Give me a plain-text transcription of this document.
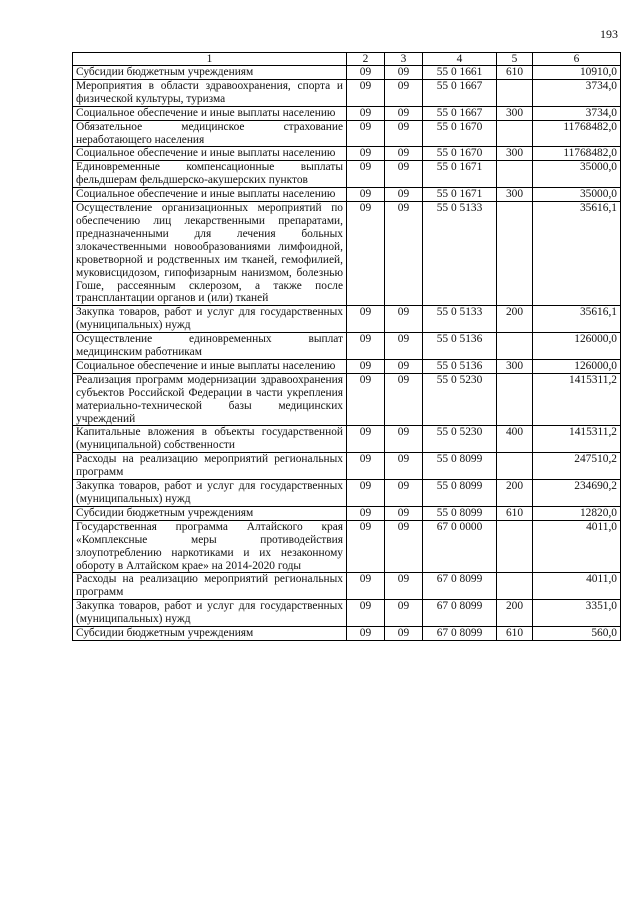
193
1	2	3	4	5	6
Субсидии бюджетным учреждениям	09	09	55 0 1661	610	10910,0
Мероприятия в области здравоохранения, спорта и физической культуры, туризма	09	09	55 0 1667		3734,0
Социальное обеспечение и иные выплаты населению	09	09	55 0 1667	300	3734,0
Обязательное медицинское страхование неработающего населения	09	09	55 0 1670		11768482,0
Социальное обеспечение и иные выплаты населению	09	09	55 0 1670	300	11768482,0
Единовременные компенсационные выплаты фельдшерам фельдшерско-акушерских пунктов	09	09	55 0 1671		35000,0
Социальное обеспечение и иные выплаты населению	09	09	55 0 1671	300	35000,0
Осуществление организационных мероприятий по обеспечению лиц лекарственными препаратами, предназначенными для лечения больных злокачественными новообразованиями лимфоидной, кроветворной и родственных им тканей, гемофилией, муковисцидозом, гипофизарным нанизмом, болезнью Гоше, рассеянным склерозом, а также после трансплантации органов и (или) тканей	09	09	55 0 5133		35616,1
Закупка товаров, работ и услуг для государственных (муниципальных) нужд	09	09	55 0 5133	200	35616,1
Осуществление единовременных выплат медицинским работникам	09	09	55 0 5136		126000,0
Социальное обеспечение и иные выплаты населению	09	09	55 0 5136	300	126000,0
Реализация программ модернизации здравоохранения субъектов Российской Федерации в части укрепления материально-технической базы медицинских учреждений	09	09	55 0 5230		1415311,2
Капитальные вложения в объекты государственной (муниципальной) собственности	09	09	55 0 5230	400	1415311,2
Расходы на реализацию мероприятий региональных программ	09	09	55 0 8099		247510,2
Закупка товаров, работ и услуг для государственных (муниципальных) нужд	09	09	55 0 8099	200	234690,2
Субсидии бюджетным учреждениям	09	09	55 0 8099	610	12820,0
Государственная программа Алтайского края «Комплексные меры противодействия злоупотреблению наркотиками и их незаконному обороту в Алтайском крае» на 2014-2020 годы	09	09	67 0 0000		4011,0
Расходы на реализацию мероприятий региональных программ	09	09	67 0 8099		4011,0
Закупка товаров, работ и услуг для государственных (муниципальных) нужд	09	09	67 0 8099	200	3351,0
Субсидии бюджетным учреждениям	09	09	67 0 8099	610	560,0
